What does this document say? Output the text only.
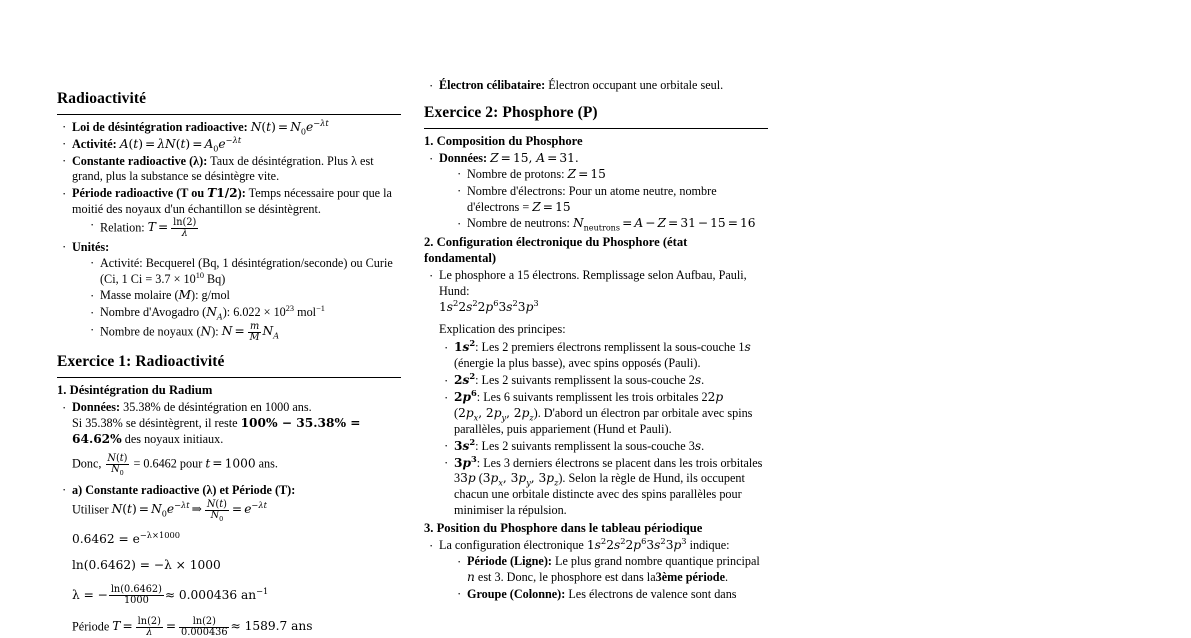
Radioactivité
· Loi de désintégration radioactive: $N(t) = N_0e^{-\lambda t}$
· Activité: $A(t) = \lambda N(t) = A_0e^{-\lambda t}$
· Constante radioactive (λ): Taux de désintégration. Plus λ est grand, plus la substance se désintègre vite.
· Période radioactive (T ou T1/2): Temps nécessaire pour que la moitié des noyaux d'un échantillon se désintègrent.
· Relation: $T = \frac{\ln(2)}{\lambda}$
· Unités:
· Activité: Becquerel (Bq, 1 désintégration/seconde) ou Curie (Ci, 1 $Ci = 3.7 \times 10^{10}$ Bq)
· Masse molaire (M): g/mol
· Nombre d'Avogadro $(N_A)$: $6.022 \times 10^{23}$ mol$^{-1}$
· Nombre de noyaux (N): $N = \frac{m}{M} N_A$
Exercice 1: Radioactivité
1. Désintégration du Radium
· Données: 35.38% de désintégration en 1000 ans.
Si 35.38% se désintègrent, il reste 100% − 35.38% = 64.62% des noyaux initiaux.

Donc, $\frac{N(t)}{N_0} = 0.6462$ pour t = 1000 ans.

· a) Constante radioactive (λ) et Période (T):

Utiliser $N(t) = N_0e^{-\lambda t}$ ⇒ $\frac{N(t)}{N_0} = e^{-\lambda t}$

$0.6462 = e^{-\lambda\times 1000}$

ln(0.6462) = −λ × 1000

λ = − $\frac{\ln(0.6462)}{1000} \approx 0.000436$ $an^{-1}$

Période $T = \frac{\ln(2)}{\lambda} = \frac{\ln(2)}{0.000436} \approx 1589.7$ ans

· Électron célibataire: Électron occupant une orbitale seul.
Exercice 2: Phosphore (P)
1. Composition du Phosphore
· Données: Z = 15, A = 31.
· Nombre de protons: Z = 15
· Nombre d'électrons: Pour un atome neutre, nombre d'électrons = Z = 15
· Nombre de neutrons: $N_{neutrons} = A - Z = 31 - 15 = 16$
2. Configuration électronique du Phosphore (état
fondamental)
· Le phosphore a 15 électrons. Remplissage selon Aufbau, Pauli, Hund:
$1s^22s^22p^63s^23p^3$

Explication des principes:

· $1s^2$: Les 2 premiers électrons remplissent la sous-couche 1s (énergie la plus basse), avec spins opposés (Pauli).
· $2s^2$: Les 2 suivants remplissent la sous-couche 2s.
· $2p^6$: Les 6 suivants remplissent les trois orbitales 22p ($2p_x$, $2p_y$, $2p_z$). D'abord un électron par orbitale avec spins parallèles, puis appariement (Hund et Pauli).
· $3s^2$: Les 2 suivants remplissent la sous-couche 3s.
· $3p^3$: Les 3 derniers électrons se placent dans les trois orbitales 33p ($3p_x$, $3p_y$, $3p_z$). Selon la règle de Hund, ils occupent chacun une orbitale distincte avec des spins parallèles pour minimiser la répulsion.
3. Position du Phosphore dans le tableau périodique
· La configuration électronique $1s^22s^22p^63s^23p^3$ indique:
· Période (Ligne): Le plus grand nombre quantique principal n est 3. Donc, le phosphore est dans la3ème période.
· Groupe (Colonne): Les électrons de valence sont dans
